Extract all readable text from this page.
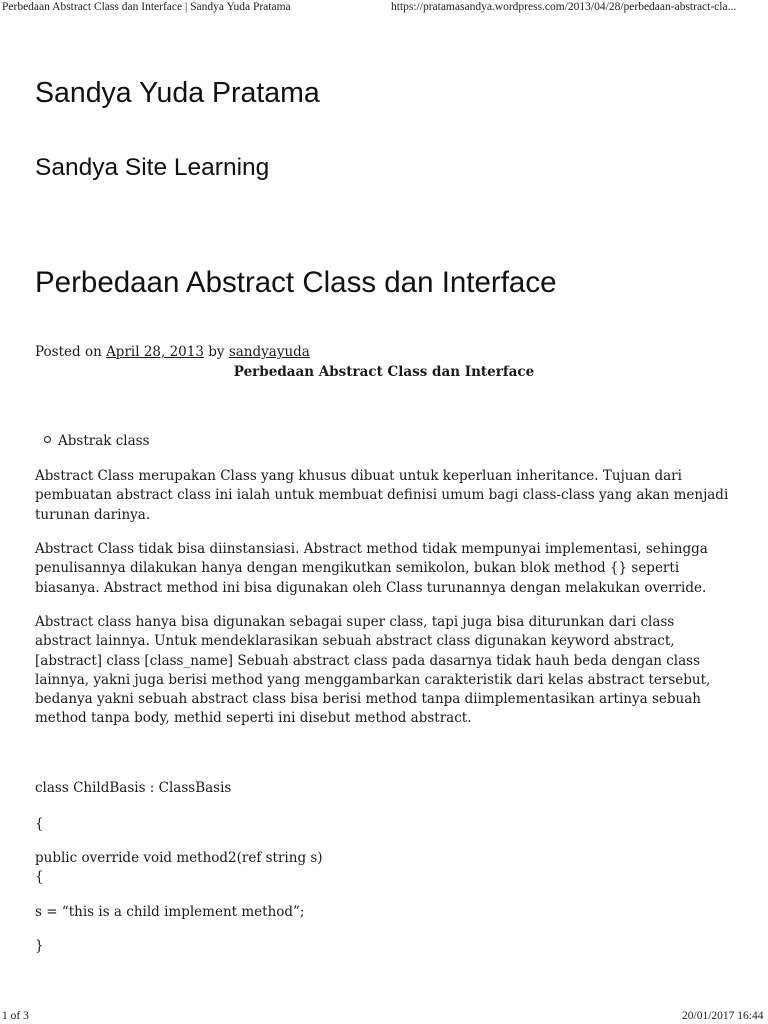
Perbedaan Abstract Class dan Interface | Sandya Yuda Pratama	https://pratamasandya.wordpress.com/2013/04/28/perbedaan-abstract-cla...
Sandya Yuda Pratama
Sandya Site Learning
Perbedaan Abstract Class dan Interface
Posted on April 28, 2013 by sandyayuda
Perbedaan Abstract Class dan Interface
Abstrak class

Abstract Class merupakan Class yang khusus dibuat untuk keperluan inheritance. Tujuan dari pembuatan abstract class ini ialah untuk membuat definisi umum bagi class-class yang akan menjadi turunan darinya.

Abstract Class tidak bisa diinstansiasi. Abstract method tidak mempunyai implementasi, sehingga penulisannya dilakukan hanya dengan mengikutkan semikolon, bukan blok method {} seperti biasanya. Abstract method ini bisa digunakan oleh Class turunannya dengan melakukan override.

Abstract class hanya bisa digunakan sebagai super class, tapi juga bisa diturunkan dari class abstract lainnya. Untuk mendeklarasikan sebuah abstract class digunakan keyword abstract, [abstract] class [class_name] Sebuah abstract class pada dasarnya tidak hauh beda dengan class lainnya, yakni juga berisi method yang menggambarkan carakteristik dari kelas abstract tersebut, bedanya yakni sebuah abstract class bisa berisi method tanpa diimplementasikan artinya sebuah method tanpa body, methid seperti ini disebut method abstract.

class ChildBasis : ClassBasis
{
public override void method2(ref string s)
{
s = “this is a child implement method”;
}
1 of 3	20/01/2017 16:44
